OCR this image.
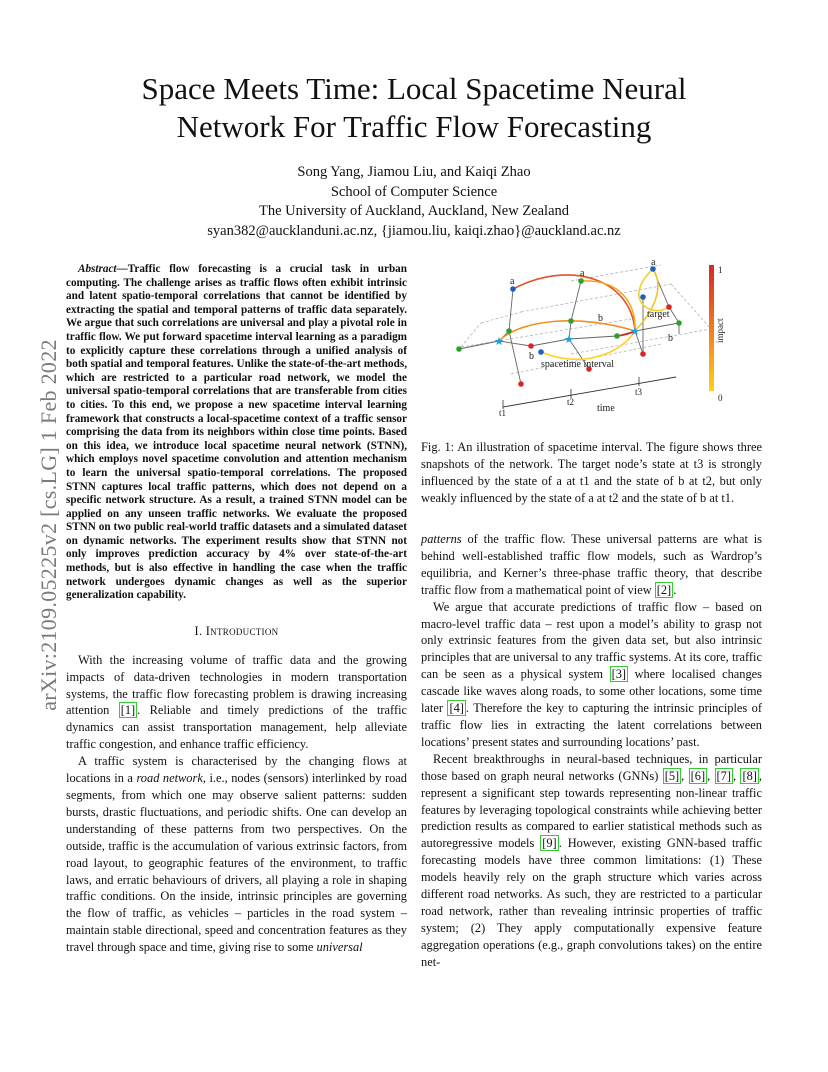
Space Meets Time: Local Spacetime Neural
Network For Traffic Flow Forecasting
Song Yang, Jiamou Liu, and Kaiqi Zhao
School of Computer Science
The University of Auckland, Auckland, New Zealand
syan382@aucklanduni.ac.nz, {jiamou.liu, kaiqi.zhao}@auckland.ac.nz
arXiv:2109.05225v2 [cs.LG] 1 Feb 2022

Abstract—Traffic flow forecasting is a crucial task in urban computing. The challenge arises as traffic flows often exhibit intrinsic and latent spatio-temporal correlations that cannot be identified by extracting the spatial and temporal patterns of traffic data separately. We argue that such correlations are universal and play a pivotal role in traffic flow. We put forward spacetime interval learning as a paradigm to explicitly capture these correlations through a unified analysis of both spatial and temporal features. Unlike the state-of-the-art methods, which are restricted to a particular road network, we model the universal spatio-temporal correlations that are transferable from cities to cities. To this end, we propose a new spacetime interval learning framework that constructs a local-spacetime context of a traffic sensor comprising the data from its neighbors within close time points. Based on this idea, we introduce local spacetime neural network (STNN), which employs novel spacetime convolution and attention mechanism to learn the universal spatio-temporal correlations. The proposed STNN captures local traffic patterns, which does not depend on a specific network structure. As a result, a trained STNN model can be applied on any unseen traffic networks. We evaluate the proposed STNN on two public real-world traffic datasets and a simulated dataset on dynamic networks. The experiment results show that STNN not only improves prediction accuracy by 4% over state-of-the-art methods, but is also effective in handling the case when the traffic network undergoes dynamic changes as well as the superior generalization capability.

I. Introduction

With the increasing volume of traffic data and the growing impacts of data-driven technologies in modern transportation systems, the traffic flow forecasting problem is drawing increasing attention [1] . Reliable and timely predictions of the traffic dynamics can assist transportation management, help alleviate traffic congestion, and enhance traffic efficiency.

A traffic system is characterised by the changing flows at locations in a road network, i.e., nodes (sensors) interlinked by road segments, from which one may observe salient patterns: sudden bursts, drastic fluctuations, and periodic shifts. One can develop an understanding of these patterns from two perspectives. On the outside, traffic is the accumulation of various extrinsic factors, from road layout, to geographic features of the environment, to traffic laws, and erratic behaviours of drivers, all playing a role in shaping traffic conditions. On the inside, intrinsic principles are governing the flow of traffic, as vehicles – particles in the road system – maintain stable directional, speed and concentration features as they travel through space and time, giving rise to some universal

a
a
a
b
b
b
target
spacetime interval
time
t1
t2
t3
1
0
impact
Fig. 1: An illustration of spacetime interval. The figure shows three snapshots of the network. The target node’s state at t3 is strongly influenced by the state of a at t1 and the state of b at t2, but only weakly influenced by the state of a at t2 and the state of b at t1.

patterns of the traffic flow. These universal patterns are what is behind well-established traffic flow models, such as Wardrop’s equilibria, and Kerner’s three-phase traffic theory, that describe traffic flow from a mathematical point of view [2] .

We argue that accurate predictions of traffic flow – based on macro-level traffic data – rest upon a model’s ability to grasp not only extrinsic features from the given data set, but also intrinsic principles that are universal to any traffic systems. At its core, traffic can be seen as a physical system [3] where localised changes cascade like waves along roads, to some other locations, some time later [4] . Therefore the key to capturing the intrinsic principles of traffic flow lies in extracting the latent correlations between locations’ present states and surrounding locations’ past.

Recent breakthroughs in neural-based techniques, in particular those based on graph neural networks (GNNs) [5] , [6] , [7] , [8] , represent a significant step towards representing non-linear traffic features by leveraging topological constraints while achieving better prediction results as compared to earlier statistical methods such as autoregressive models [9] . However, existing GNN-based traffic forecasting models have three common limitations: (1) These models heavily rely on the graph structure which varies across different road networks. As such, they are restricted to a particular road network, rather than revealing intrinsic properties of traffic system; (2) They apply computationally expensive feature aggregation operations (e.g., graph convolutions takes) on the entire net-
